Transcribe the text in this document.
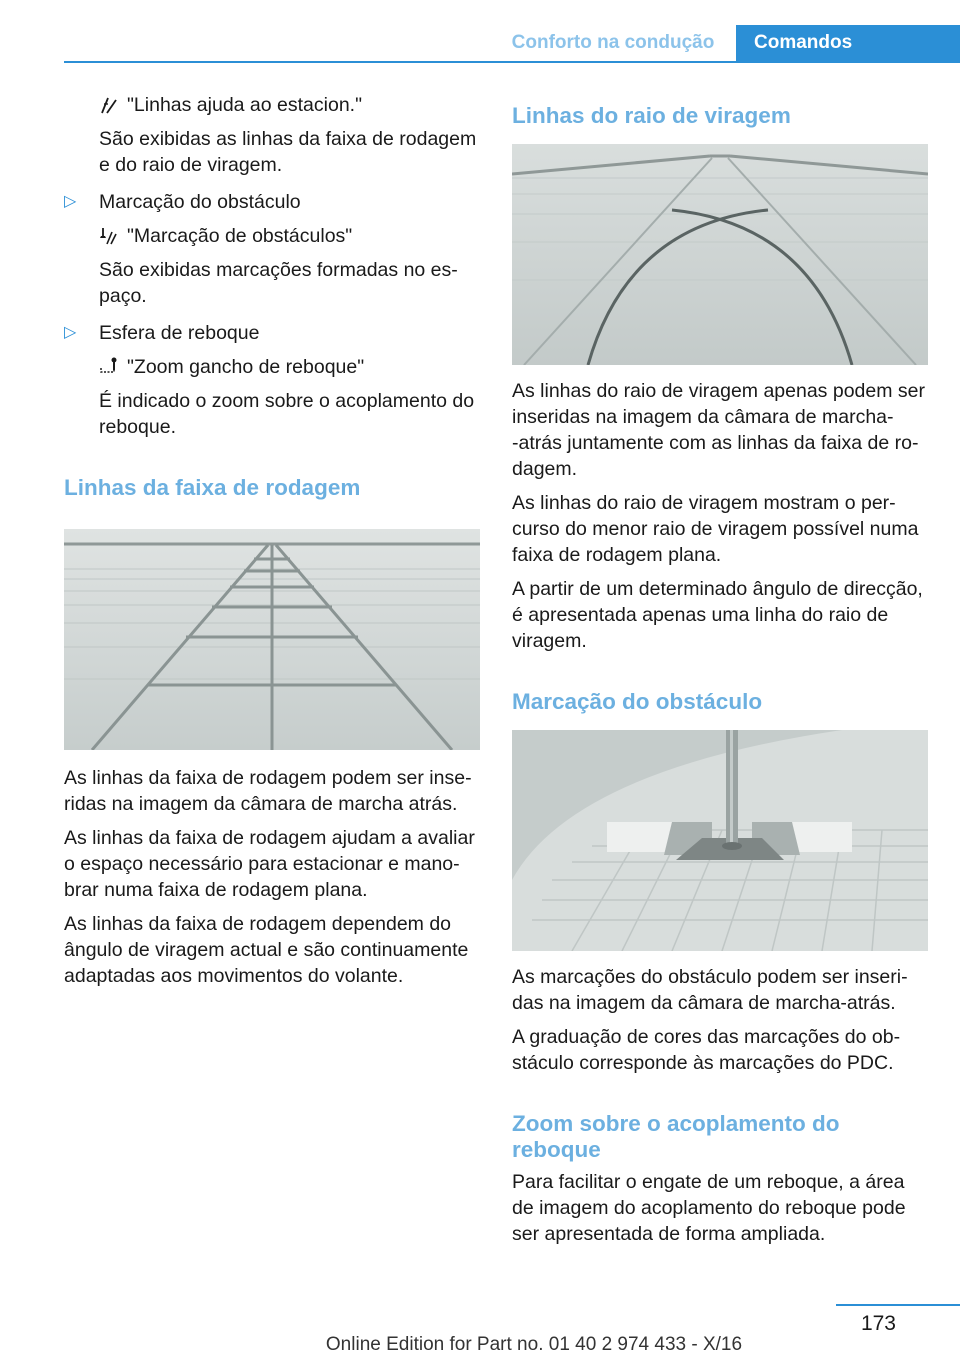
Conforto na condução	Comandos

"Linhas ajuda ao estacion."

São exibidas as linhas da faixa de rodagem e do raio de viragem.

▷ Marcação do obstáculo

"Marcação de obstáculos"

São exibidas marcações formadas no espaço.

▷ Esfera de reboque

"Zoom gancho de reboque"

É indicado o zoom sobre o acoplamento do reboque.

Linhas da faixa de rodagem

As linhas da faixa de rodagem podem ser inseridas na imagem da câmara de marcha atrás.

As linhas da faixa de rodagem ajudam a avaliar o espaço necessário para estacionar e manobrar numa faixa de rodagem plana.

As linhas da faixa de rodagem dependem do ângulo de viragem actual e são continuamente adaptadas aos movimentos do volante.

Linhas do raio de viragem

As linhas do raio de viragem apenas podem ser inseridas na imagem da câmara de marcha‐ ‐atrás juntamente com as linhas da faixa de rodagem.

As linhas do raio de viragem mostram o percurso do menor raio de viragem possível numa faixa de rodagem plana.

A partir de um determinado ângulo de direcção, é apresentada apenas uma linha do raio de viragem.

Marcação do obstáculo

As marcações do obstáculo podem ser inseridas na imagem da câmara de marcha-atrás.

A graduação de cores das marcações do obstáculo corresponde às marcações do PDC.

Zoom sobre o acoplamento do reboque

Para facilitar o engate de um reboque, a área de imagem do acoplamento do reboque pode ser apresentada de forma ampliada.

173
Online Edition for Part no. 01 40 2 974 433 - X/16
